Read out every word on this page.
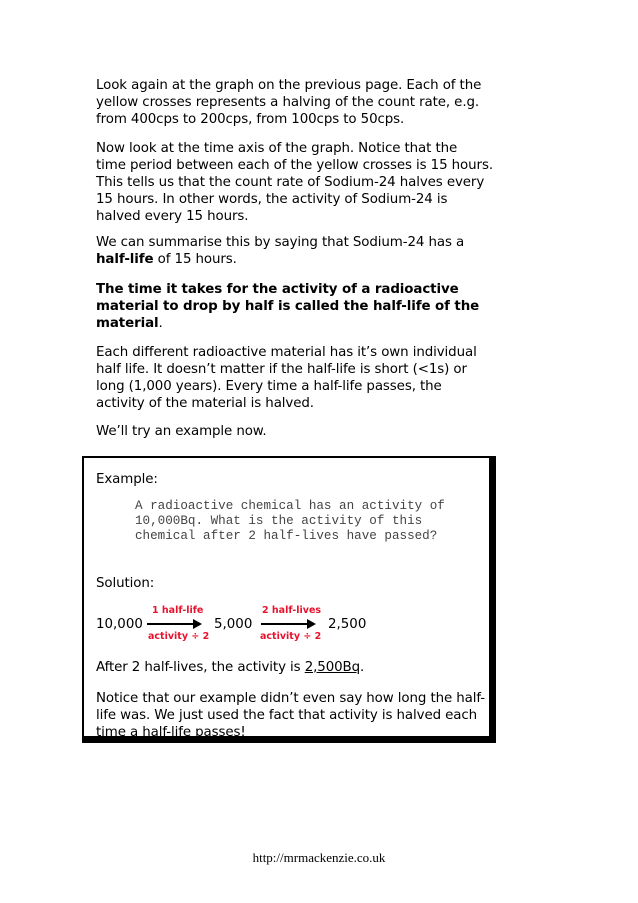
Look again at the graph on the previous page. Each of the
yellow crosses represents a halving of the count rate, e.g.
from 400cps to 200cps, from 100cps to 50cps.
Now look at the time axis of the graph. Notice that the
time period between each of the yellow crosses is 15 hours.
This tells us that the count rate of Sodium-24 halves every
15 hours. In other words, the activity of Sodium-24 is
halved every 15 hours.
We can summarise this by saying that Sodium-24 has a
half-life of 15 hours.
The time it takes for the activity of a radioactive
material to drop by half is called the half-life of the
material.
Each different radioactive material has it’s own individual
half life. It doesn’t matter if the half-life is short (<1s) or
long (1,000 years). Every time a half-life passes, the
activity of the material is halved.
We’ll try an example now.
Example:
A radioactive chemical has an activity of
10,000Bq. What is the activity of this
chemical after 2 half-lives have passed?
Solution:
10,000
1 half-life
activity ÷ 2
5,000
2 half-lives
activity ÷ 2
2,500
After 2 half-lives, the activity is 2,500Bq.
Notice that our example didn’t even say how long the half-
life was. We just used the fact that activity is halved each
time a half-life passes!
http://mrmackenzie.co.uk
